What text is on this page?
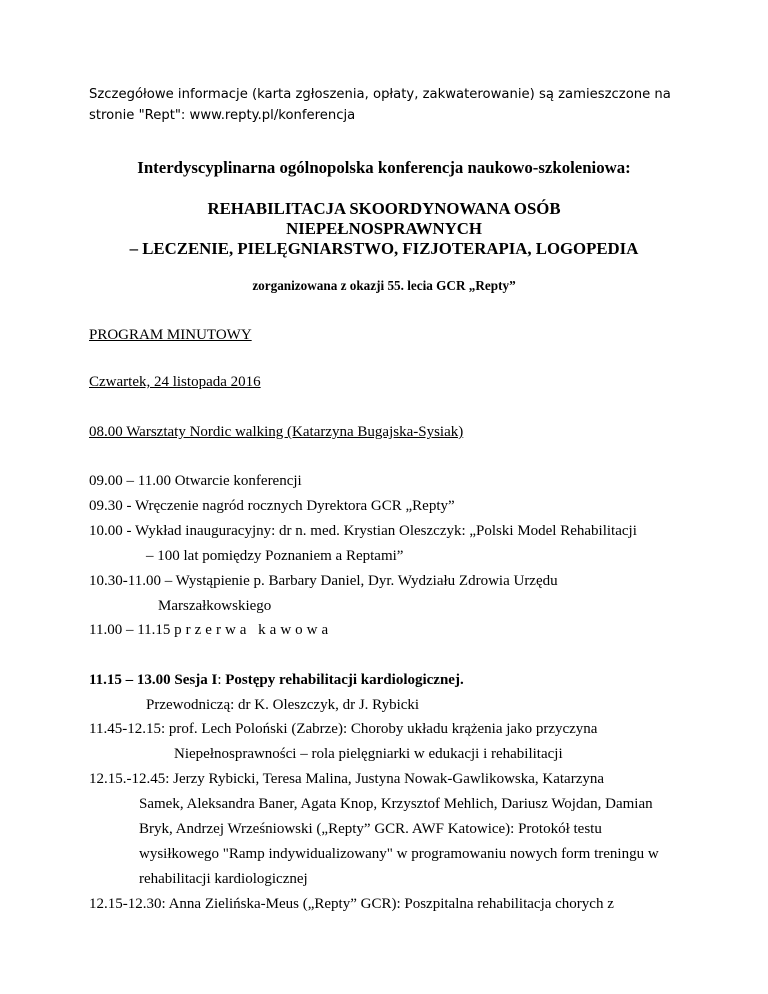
Szczegółowe informacje (karta zgłoszenia, opłaty, zakwaterowanie) są zamieszczone na
stronie "Rept": www.repty.pl/konferencja
Interdyscyplinarna ogólnopolska konferencja naukowo-szkoleniowa:
REHABILITACJA SKOORDYNOWANA OSÓB
NIEPEŁNOSPRAWNYCH
– LECZENIE, PIELĘGNIARSTWO, FIZJOTERAPIA, LOGOPEDIA
zorganizowana z okazji 55. lecia GCR „Repty”
PROGRAM MINUTOWY
Czwartek, 24 listopada 2016
08.00 Warsztaty Nordic walking (Katarzyna Bugajska-Sysiak)
09.00 – 11.00 Otwarcie konferencji
09.30 - Wręczenie nagród rocznych Dyrektora GCR „Repty”
10.00 - Wykład inauguracyjny: dr n. med. Krystian Oleszczyk: „Polski Model Rehabilitacji
– 100 lat pomiędzy Poznaniem a Reptami”
10.30-11.00 – Wystąpienie p. Barbary Daniel, Dyr. Wydziału Zdrowia Urzędu
Marszałkowskiego
11.00 – 11.15 przerwa kawowa
11.15 – 13.00 Sesja I: Postępy rehabilitacji kardiologicznej.
Przewodniczą: dr K. Oleszczyk, dr J. Rybicki
11.45-12.15: prof. Lech Poloński (Zabrze): Choroby układu krążenia jako przyczyna
Niepełnosprawności – rola pielęgniarki w edukacji i rehabilitacji
12.15.-12.45: Jerzy Rybicki, Teresa Malina, Justyna Nowak-Gawlikowska, Katarzyna
Samek, Aleksandra Baner, Agata Knop, Krzysztof Mehlich, Dariusz Wojdan, Damian
Bryk, Andrzej Wrześniowski („Repty” GCR. AWF Katowice): Protokół testu
wysiłkowego "Ramp indywidualizowany" w programowaniu nowych form treningu w
rehabilitacji kardiologicznej
12.15-12.30: Anna Zielińska-Meus („Repty” GCR): Poszpitalna rehabilitacja chorych z
